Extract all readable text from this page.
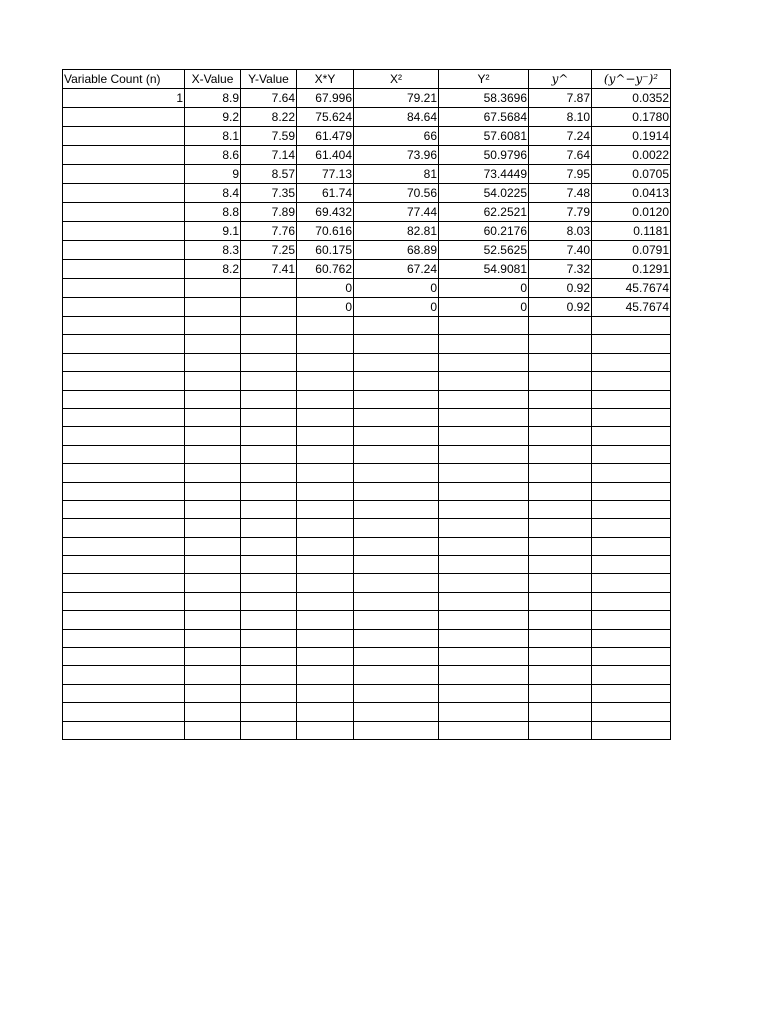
Variable Count (n)	X-Value	Y-Value	X*Y	X²	Y²	y^	(y^−y⁻)²
1	8.9	7.64	67.996	79.21	58.3696	7.87	0.0352
	9.2	8.22	75.624	84.64	67.5684	8.10	0.1780
	8.1	7.59	61.479	66	57.6081	7.24	0.1914
	8.6	7.14	61.404	73.96	50.9796	7.64	0.0022
	9	8.57	77.13	81	73.4449	7.95	0.0705
	8.4	7.35	61.74	70.56	54.0225	7.48	0.0413
	8.8	7.89	69.432	77.44	62.2521	7.79	0.0120
	9.1	7.76	70.616	82.81	60.2176	8.03	0.1181
	8.3	7.25	60.175	68.89	52.5625	7.40	0.0791
	8.2	7.41	60.762	67.24	54.9081	7.32	0.1291
			0	0	0	0.92	45.7674
			0	0	0	0.92	45.7674
